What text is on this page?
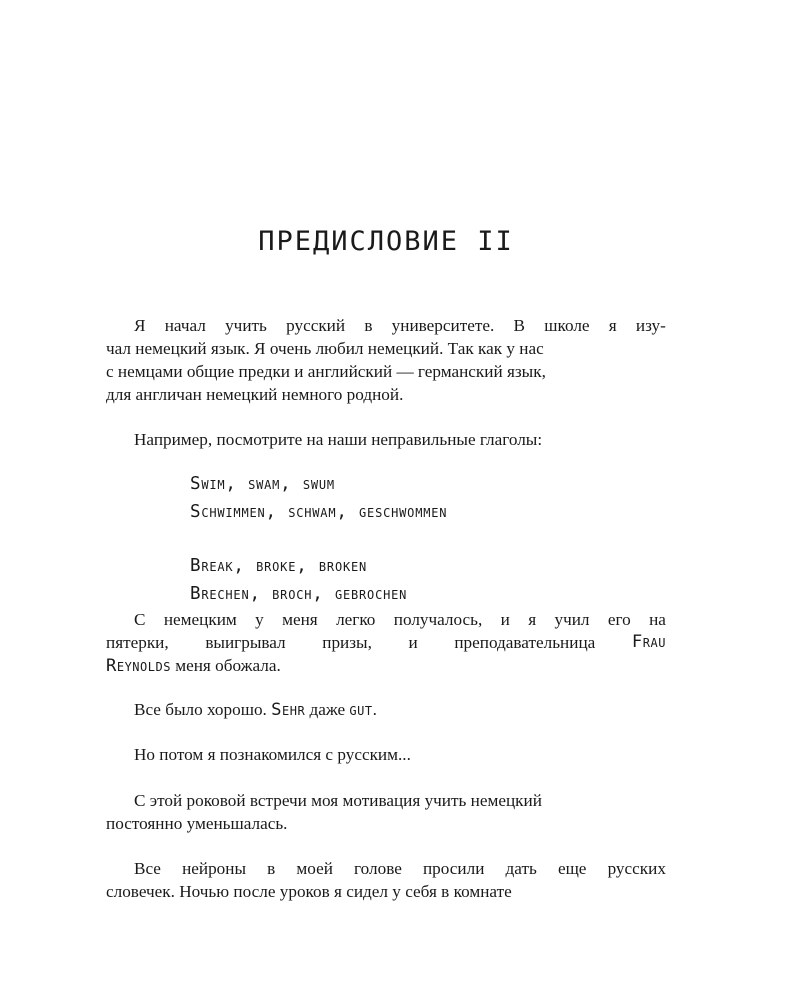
ПРЕДИСЛОВИЕ II
Я начал учить русский в университете. В школе я изу-
чал немецкий язык. Я очень любил немецкий. Так как у нас
с немцами общие предки и английский — германский язык,
для англичан немецкий немного родной.
Например, посмотрите на наши неправильные глаголы:
Swim, swam, swum
Schwimmen, schwam, geschwommen
Break, broke, broken
Brechen, broch, gebrochen
С немецким у меня легко получалось, и я учил его на
пятерки, выигрывал призы, и преподавательница Frau
Reynolds меня обожала.
Все было хорошо. Sehr даже gut.
Но потом я познакомился с русским...
С этой роковой встречи моя мотивация учить немецкий
постоянно уменьшалась.
Все нейроны в моей голове просили дать еще русских
словечек. Ночью после уроков я сидел у себя в комнате
